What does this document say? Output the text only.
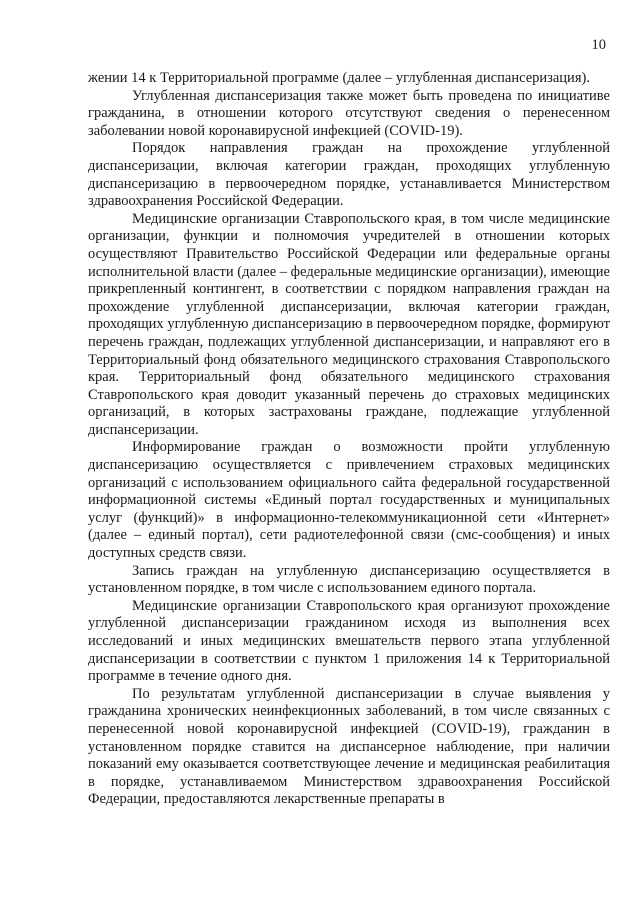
10

жении 14 к Территориальной программе (далее – углубленная диспансеризация).

Углубленная диспансеризация также может быть проведена по инициативе гражданина, в отношении которого отсутствуют сведения о перенесенном заболевании новой коронавирусной инфекцией (COVID-19).

Порядок направления граждан на прохождение углубленной диспансеризации, включая категории граждан, проходящих углубленную диспансеризацию в первоочередном порядке, устанавливается Министерством здравоохранения Российской Федерации.

Медицинские организации Ставропольского края, в том числе медицинские организации, функции и полномочия учредителей в отношении которых осуществляют Правительство Российской Федерации или федеральные органы исполнительной власти (далее – федеральные медицинские организации), имеющие прикрепленный контингент, в соответствии с порядком направления граждан на прохождение углубленной диспансеризации, включая категории граждан, проходящих углубленную диспансеризацию в первоочередном порядке, формируют перечень граждан, подлежащих углубленной диспансеризации, и направляют его в Территориальный фонд обязательного медицинского страхования Ставропольского края. Территориальный фонд обязательного медицинского страхования Ставропольского края доводит указанный перечень до страховых медицинских организаций, в которых застрахованы граждане, подлежащие углубленной диспансеризации.

Информирование граждан о возможности пройти углубленную диспансеризацию осуществляется с привлечением страховых медицинских организаций с использованием официального сайта федеральной государственной информационной системы «Единый портал государственных и муниципальных услуг (функций)» в информационно-телекоммуникационной сети «Интернет» (далее – единый портал), сети радиотелефонной связи (смс-сообщения) и иных доступных средств связи.

Запись граждан на углубленную диспансеризацию осуществляется в установленном порядке, в том числе с использованием единого портала.

Медицинские организации Ставропольского края организуют прохождение углубленной диспансеризации гражданином исходя из выполнения всех исследований и иных медицинских вмешательств первого этапа углубленной диспансеризации в соответствии с пунктом 1 приложения 14 к Территориальной программе в течение одного дня.

По результатам углубленной диспансеризации в случае выявления у гражданина хронических неинфекционных заболеваний, в том числе связанных с перенесенной новой коронавирусной инфекцией (COVID-19), гражданин в установленном порядке ставится на диспансерное наблюдение, при наличии показаний ему оказывается соответствующее лечение и медицинская реабилитация в порядке, устанавливаемом Министерством здравоохранения Российской Федерации, предоставляются лекарственные препараты в
